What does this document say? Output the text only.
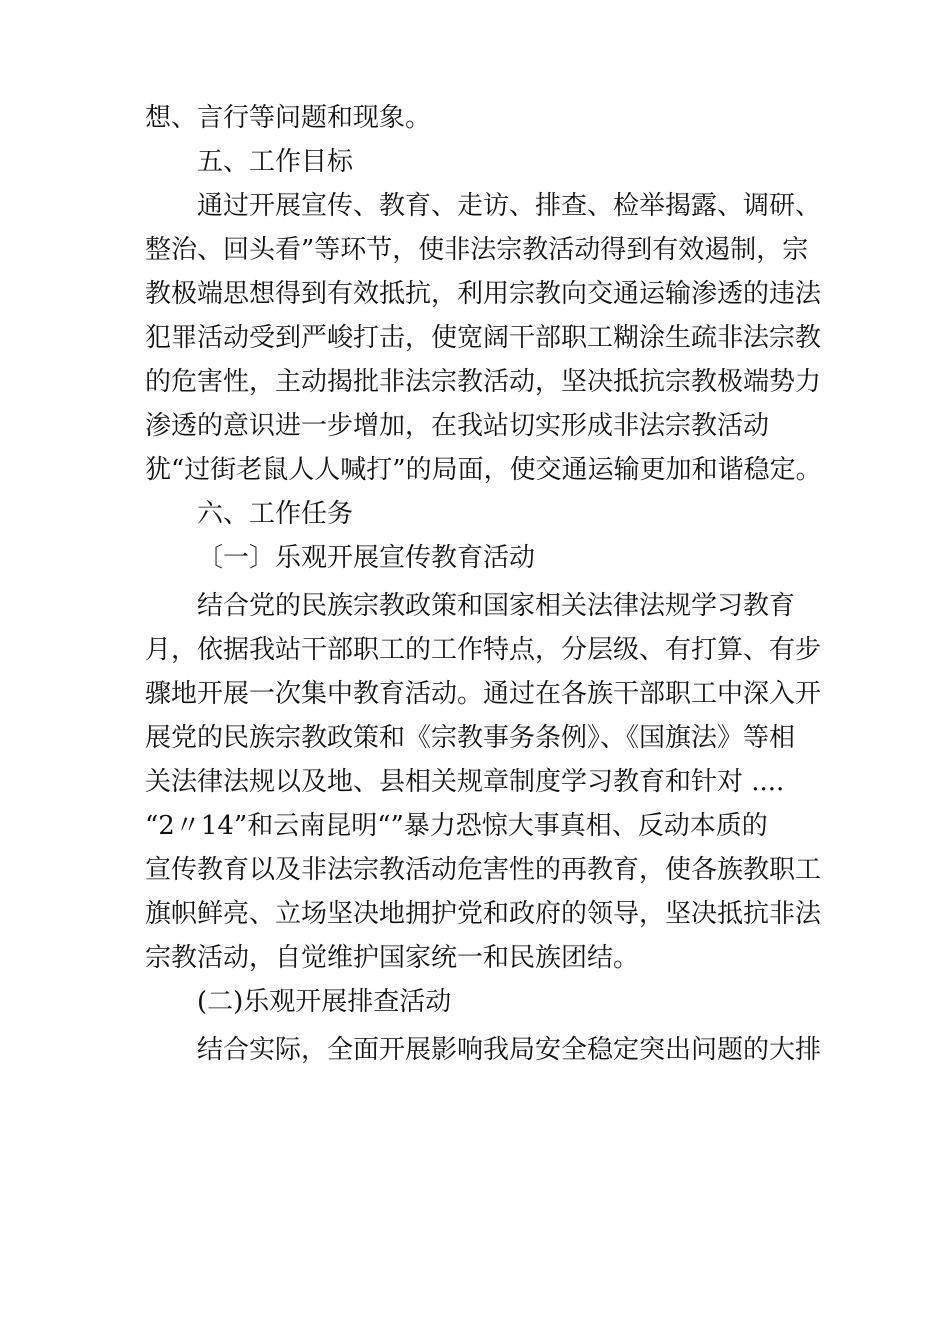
想、言行等问题和现象。
五、工作目标
通过开展宣传、教育、走访、排查、检举揭露、调研、
整治、回头看”等环节，使非法宗教活动得到有效遏制，宗
教极端思想得到有效抵抗，利用宗教向交通运输渗透的违法
犯罪活动受到严峻打击，使宽阔干部职工糊涂生疏非法宗教
的危害性，主动揭批非法宗教活动，坚决抵抗宗教极端势力
渗透的意识进一步增加，在我站切实形成非法宗教活动
犹“过街老鼠人人喊打”的局面，使交通运输更加和谐稳定。
六、工作任务
〔一〕乐观开展宣传教育活动
结合党的民族宗教政策和国家相关法律法规学习教育
月，依据我站干部职工的工作特点，分层级、有打算、有步
骤地开展一次集中教育活动。通过在各族干部职工中深入开
展党的民族宗教政策和《宗教事务条例》、《国旗法》等相
关法律法规以及地、县相关规章制度学习教育和针对 ....
“2〃14”和云南昆明“”暴力恐惊大事真相、反动本质的
宣传教育以及非法宗教活动危害性的再教育，使各族教职工
旗帜鲜亮、立场坚决地拥护党和政府的领导，坚决抵抗非法
宗教活动，自觉维护国家统一和民族团结。
(二)乐观开展排查活动
结合实际，全面开展影响我局安全稳定突出问题的大排
